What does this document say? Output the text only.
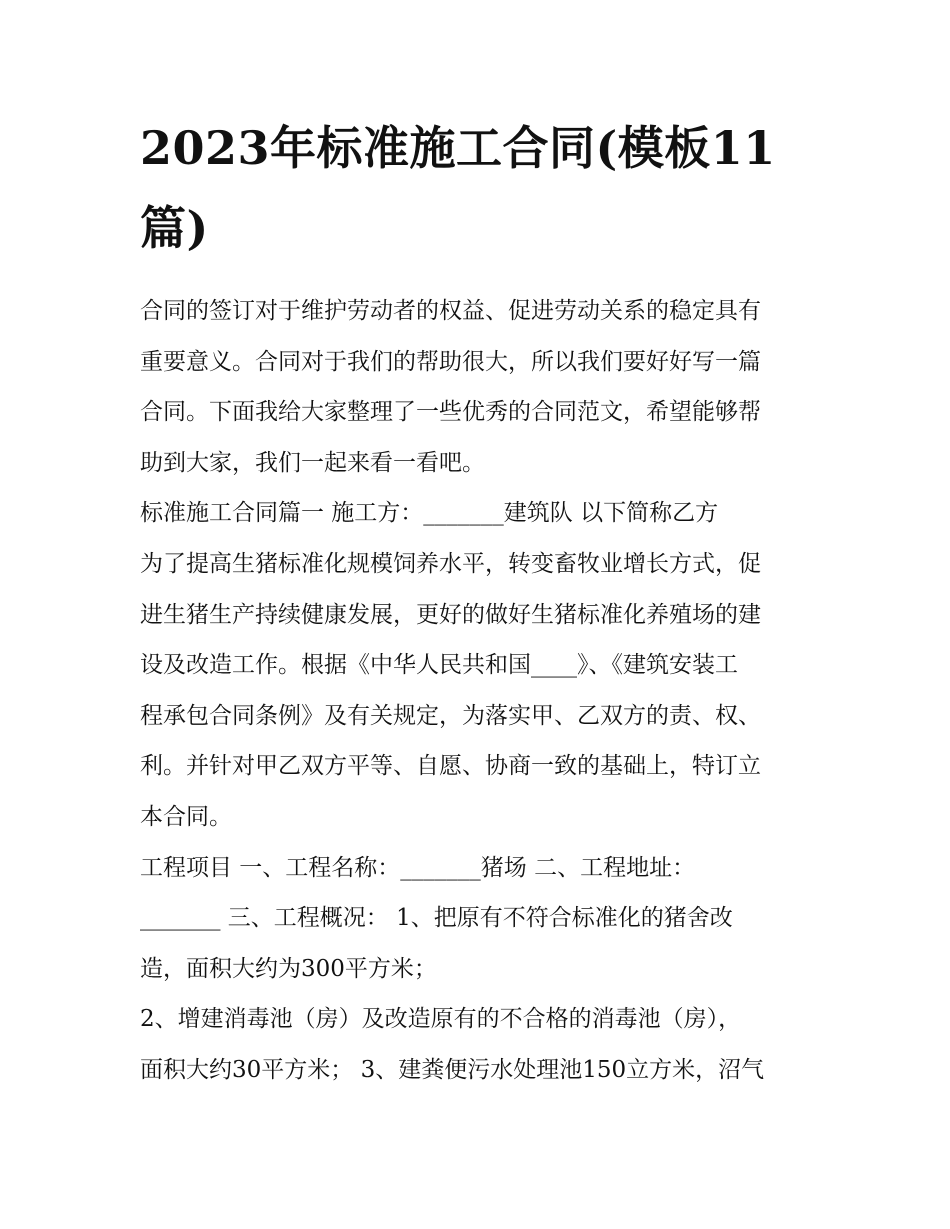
2023年标准施工合同(模板11篇)
合同的签订对于维护劳动者的权益、促进劳动关系的稳定具有
重要意义。合同对于我们的帮助很大，所以我们要好好写一篇
合同。下面我给大家整理了一些优秀的合同范文，希望能够帮
助到大家，我们一起来看一看吧。
标准施工合同篇一 施工方：_______建筑队 以下简称乙方
为了提高生猪标准化规模饲养水平，转变畜牧业增长方式，促
进生猪生产持续健康发展，更好的做好生猪标准化养殖场的建
设及改造工作。根据《中华人民共和国____》、《建筑安装工
程承包合同条例》及有关规定，为落实甲、乙双方的责、权、
利。并针对甲乙双方平等、自愿、协商一致的基础上，特订立
本合同。
工程项目 一、工程名称：_______猪场 二、工程地址：
_______ 三、工程概况： 1、把原有不符合标准化的猪舍改
造，面积大约为300平方米；
2、增建消毒池（房）及改造原有的不合格的消毒池（房），
面积大约30平方米； 3、建粪便污水处理池150立方米，沼气
